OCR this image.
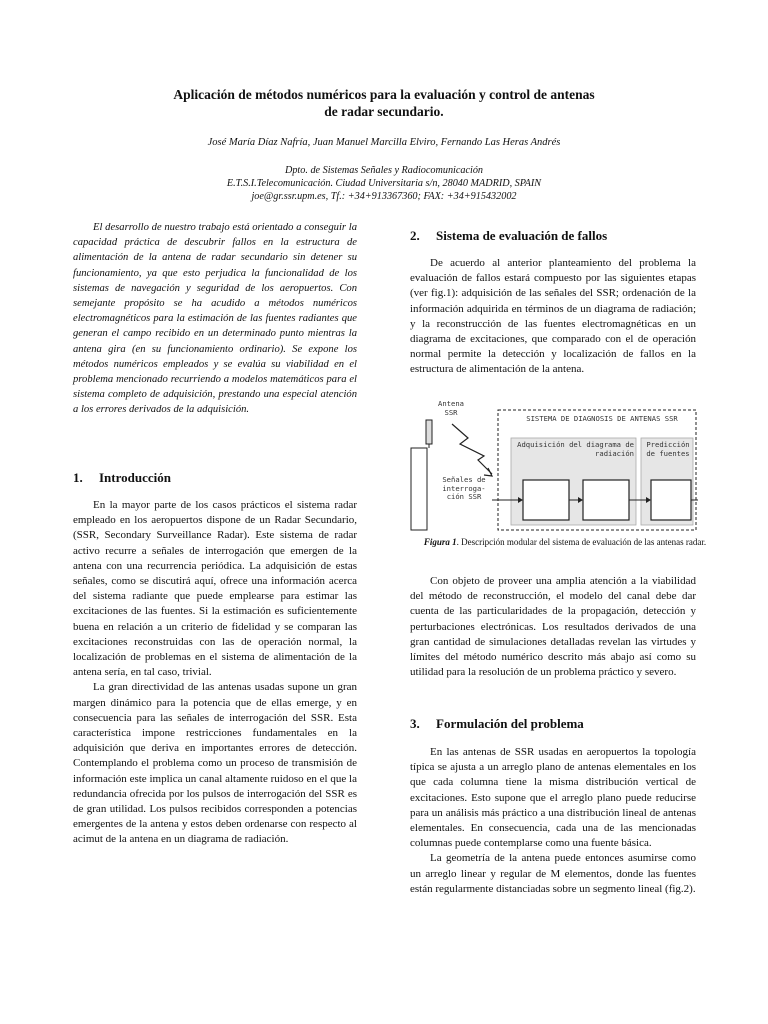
Aplicación de métodos numéricos para la evaluación y control de antenas
de radar secundario.
José María Díaz Nafría, Juan Manuel Marcilla Elviro, Fernando Las Heras Andrés
Dpto. de Sistemas Señales y Radiocomunicación
E.T.S.I.Telecomunicación. Ciudad Universitaria s/n, 28040 MADRID, SPAIN
joe@gr.ssr.upm.es, Tf.: +34+913367360; FAX: +34+915432002

El desarrollo de nuestro trabajo está orientado a conseguir la capacidad práctica de descubrir fallos en la estructura de alimentación de la antena de radar secundario sin detener su funcionamiento, ya que esto perjudica la funcionalidad de los sistemas de navegación y seguridad de los aeropuertos. Con semejante propósito se ha acudido a métodos numéricos electromagnéticos para la estimación de las fuentes radiantes que generan el campo recibido en un determinado punto mientras la antena gira (en su funcionamiento ordinario). Se expone los métodos numéricos empleados y se evalúa su viabilidad en el problema mencionado recurriendo a modelos matemáticos para el sistema completo de adquisición, prestando una especial atención a los errores derivados de la adquisición.

1. Introducción

En la mayor parte de los casos prácticos el sistema radar empleado en los aeropuertos dispone de un Radar Secundario, (SSR, Secondary Surveillance Radar). Este sistema de radar activo recurre a señales de interrogación que emergen de la antena con una recurrencia periódica. La adquisición de estas señales, como se discutirá aquí, ofrece una información acerca del sistema radiante que puede emplearse para estimar las excitaciones de las fuentes. Si la estimación es suficientemente buena en relación a un criterio de fidelidad y se comparan las excitaciones reconstruidas con las de operación normal, la localización de problemas en el sistema de alimentación de la antena sería, en tal caso, trivial.

La gran directividad de las antenas usadas supone un gran margen dinámico para la potencia que de ellas emerge, y en consecuencia para las señales de interrogación del SSR. Esta característica impone restricciones fundamentales en la adquisición que deriva en importantes errores de detección. Contemplando el problema como un proceso de transmisión de información este implica un canal altamente ruidoso en el que la redundancia ofrecida por los pulsos de interrogación del SSR es de gran utilidad. Los pulsos recibidos corresponden a potencias emergentes de la antena y estos deben ordenarse con respecto al acimut de la antena en un diagrama de radiación.

2. Sistema de evaluación de fallos

De acuerdo al anterior planteamiento del problema la evaluación de fallos estará compuesto por las siguientes etapas (ver fig.1): adquisición de las señales del SSR; ordenación de la información adquirida en términos de un diagrama de radiación; y la reconstrucción de las fuentes electromagnéticas en un diagrama de excitaciones, que comparado con el de operación normal permite la detección y localización de fallos en la estructura de alimentación de la antena.

Antena SSR
Señales de interroga-ción SSR
SISTEMA DE DIAGNOSIS DE ANTENAS SSR
Adquisición del diagrama de radiación
Predicción de fuentes
Figura 1. Descripción modular del sistema de evaluación de las antenas radar.

Con objeto de proveer una amplia atención a la viabilidad del método de reconstrucción, el modelo del canal debe dar cuenta de las particularidades de la propagación, detección y perturbaciones electrónicas. Los resultados derivados de una gran cantidad de simulaciones detalladas revelan las virtudes y límites del método numérico descrito más abajo así como su utilidad para la resolución de un problema práctico y severo.

3. Formulación del problema

En las antenas de SSR usadas en aeropuertos la topología típica se ajusta a un arreglo plano de antenas elementales en los que cada columna tiene la misma distribución vertical de excitaciones. Esto supone que el arreglo plano puede reducirse para un análisis más práctico a una distribución lineal de antenas elementales. En consecuencia, cada una de las mencionadas columnas puede contemplarse como una fuente básica.

La geometría de la antena puede entonces asumirse como un arreglo linear y regular de M elementos, donde las fuentes están regularmente distanciadas sobre un segmento lineal (fig.2).
